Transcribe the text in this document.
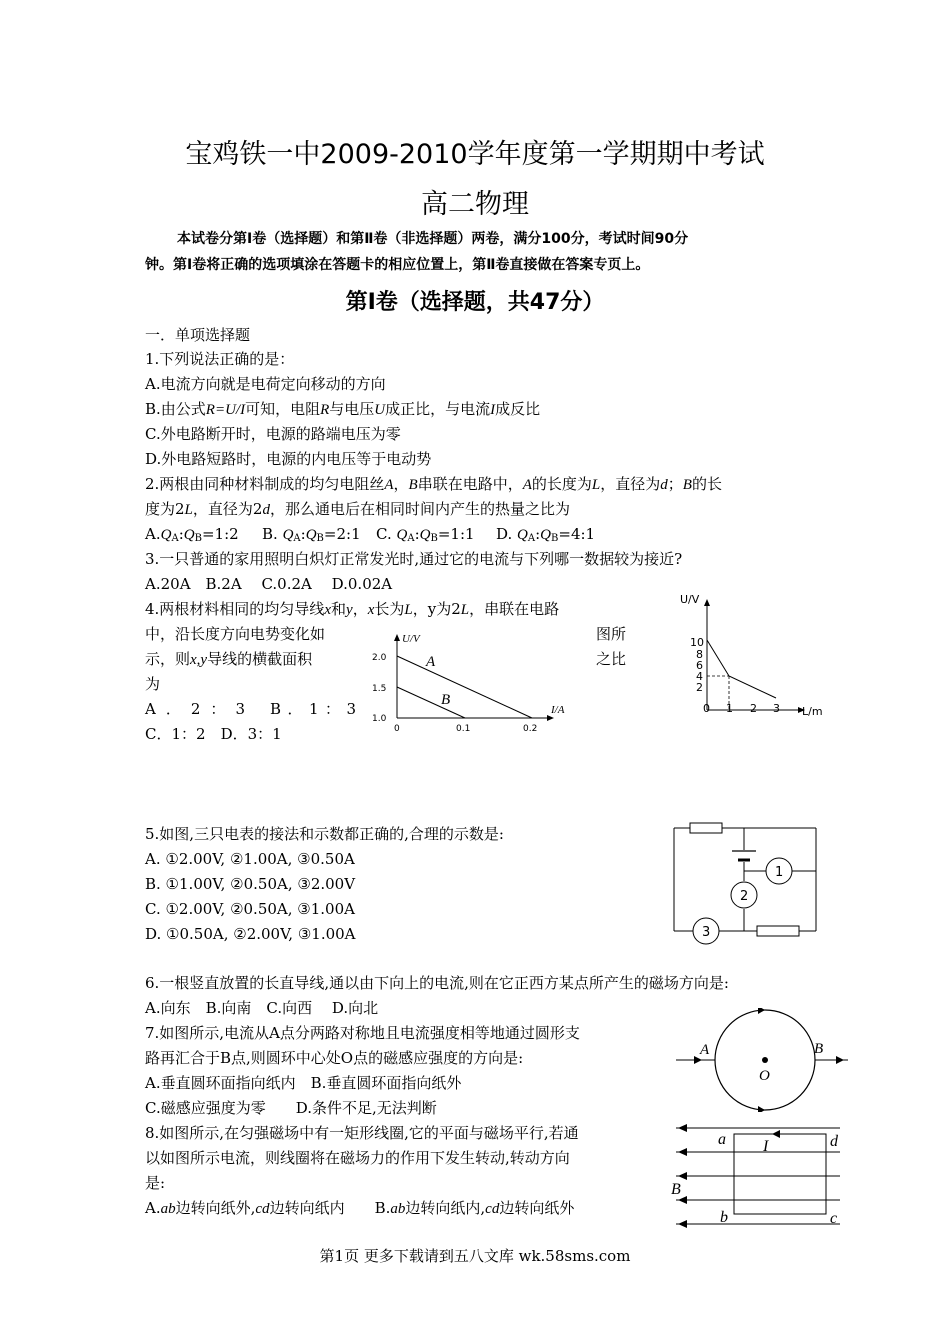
宝鸡铁一中2009-2010学年度第一学期期中考试
高二物理

本试卷分第Ⅰ卷（选择题）和第Ⅱ卷（非选择题）两卷，满分100分，考试时间90分

钟。第Ⅰ卷将正确的选项填涂在答题卡的相应位置上，第Ⅱ卷直接做在答案专页上。

第Ⅰ卷（选择题，共47分）
一．单项选择题
1.下列说法正确的是：
A.电流方向就是电荷定向移动的方向
B.由公式R=U/I可知，电阻R与电压U成正比，与电流I成反比
C.外电路断开时，电源的路端电压为零
D.外电路短路时，电源的内电压等于电动势
2.两根由同种材料制成的均匀电阻丝A，B串联在电路中，A的长度为L，直径为d；B的长
度为2L，直径为2d，那么通电后在相同时间内产生的热量之比为
$A.Q_A:Q_B=1:2$ B. $Q_A:Q_B=2:1$ C. $Q_A:Q_B=1:1$ D. $Q_A:Q_B=4:1$
3.一只普通的家用照明白炽灯正常发光时,通过它的电流与下列哪一数据较为接近?
A.20A　B.2A　 C.0.2A　 D.0.02A
4.两根材料相同的均匀导线x和y，x长为L，y为2L，串联在电路
中，沿长度方向电势变化如	图所
示，则x,y导线的横截面积	之比
为
A．2：3 B．1：3
C．1：2　D．3：1
5.如图,三只电表的接法和示数都正确的,合理的示数是:
A. ①2.00V, ②1.00A, ③0.50A
B. ①1.00V, ②0.50A, ③2.00V
C. ①2.00V, ②0.50A, ③1.00A
D. ①0.50A, ②2.00V, ③1.00A
6.一根竖直放置的长直导线,通以由下向上的电流,则在它正西方某点所产生的磁场方向是:
A.向东　B.向南　C.向西　 D.向北
7.如图所示,电流从A点分两路对称地且电流强度相等地通过圆形支
路再汇合于B点,则圆环中心处O点的磁感应强度的方向是:
A.垂直圆环面指向纸内　B.垂直圆环面指向纸外
C.磁感应强度为零　　D.条件不足,无法判断
8.如图所示,在匀强磁场中有一矩形线圈,它的平面与磁场平行,若通
以如图所示电流，则线圈将在磁场力的作用下发生转动,转动方向
是:
A.ab边转向纸外,cd边转向纸内　　 B.ab边转向纸内,cd边转向纸外
第1页 更多下载请到五八文库 wk.58sms.com
U/V
L/m
10
8
6
4
2
0 1 2 3
U/V
I/A
2.0
1.5
1.0
0	0.1	0.2
A
B
1
2
3
A	B
O
a	d
b	c
I
B
